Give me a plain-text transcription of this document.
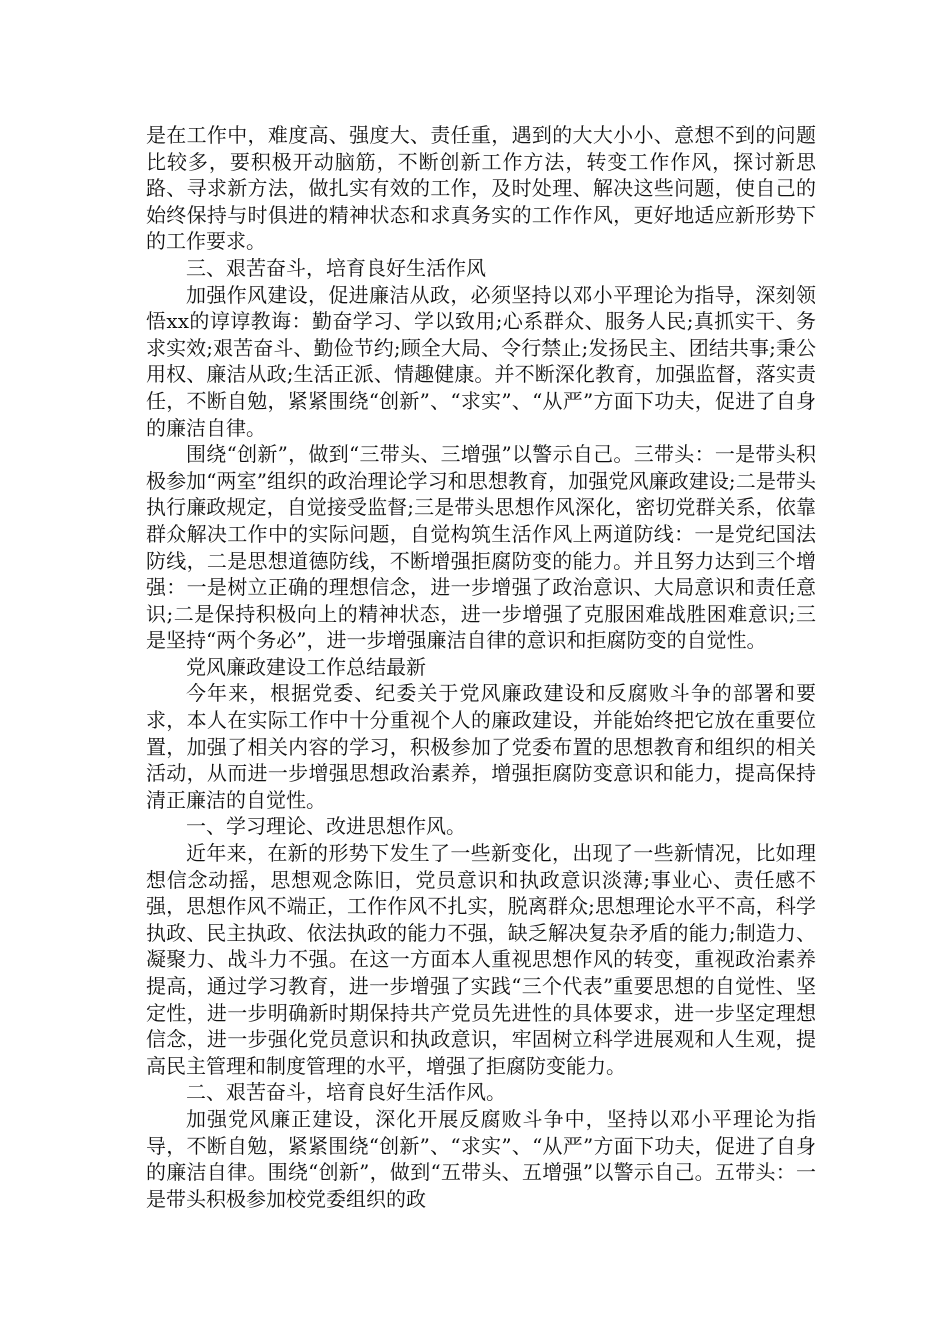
是在工作中，难度高、强度大、责任重，遇到的大大小小、意想不到的问题比较多，要积极开动脑筋，不断创新工作方法，转变工作作风，探讨新思路、寻求新方法，做扎实有效的工作，及时处理、解决这些问题，使自己的始终保持与时俱进的精神状态和求真务实的工作作风，更好地适应新形势下的工作要求。

三、艰苦奋斗，培育良好生活作风

加强作风建设，促进廉洁从政，必须坚持以邓小平理论为指导，深刻领悟xx的谆谆教诲：勤奋学习、学以致用;心系群众、服务人民;真抓实干、务求实效;艰苦奋斗、勤俭节约;顾全大局、令行禁止;发扬民主、团结共事;秉公用权、廉洁从政;生活正派、情趣健康。并不断深化教育，加强监督，落实责任，不断自勉，紧紧围绕“创新”、“求实”、“从严”方面下功夫，促进了自身的廉洁自律。

围绕“创新”，做到“三带头、三增强”以警示自己。三带头：一是带头积极参加“两室”组织的政治理论学习和思想教育，加强党风廉政建设;二是带头执行廉政规定，自觉接受监督;三是带头思想作风深化，密切党群关系，依靠群众解决工作中的实际问题，自觉构筑生活作风上两道防线：一是党纪国法防线，二是思想道德防线，不断增强拒腐防变的能力。并且努力达到三个增强：一是树立正确的理想信念，进一步增强了政治意识、大局意识和责任意识;二是保持积极向上的精神状态，进一步增强了克服困难战胜困难意识;三是坚持“两个务必”，进一步增强廉洁自律的意识和拒腐防变的自觉性。

党风廉政建设工作总结最新

今年来，根据党委、纪委关于党风廉政建设和反腐败斗争的部署和要求，本人在实际工作中十分重视个人的廉政建设，并能始终把它放在重要位置，加强了相关内容的学习，积极参加了党委布置的思想教育和组织的相关活动，从而进一步增强思想政治素养，增强拒腐防变意识和能力，提高保持清正廉洁的自觉性。

一、学习理论、改进思想作风。

近年来，在新的形势下发生了一些新变化，出现了一些新情况，比如理想信念动摇，思想观念陈旧，党员意识和执政意识淡薄;事业心、责任感不强，思想作风不端正，工作作风不扎实，脱离群众;思想理论水平不高，科学执政、民主执政、依法执政的能力不强，缺乏解决复杂矛盾的能力;制造力、凝聚力、战斗力不强。在这一方面本人重视思想作风的转变，重视政治素养提高，通过学习教育，进一步增强了实践“三个代表”重要思想的自觉性、坚定性，进一步明确新时期保持共产党员先进性的具体要求，进一步坚定理想信念，进一步强化党员意识和执政意识，牢固树立科学进展观和人生观，提高民主管理和制度管理的水平，增强了拒腐防变能力。

二、艰苦奋斗，培育良好生活作风。

加强党风廉正建设，深化开展反腐败斗争中，坚持以邓小平理论为指导，不断自勉，紧紧围绕“创新”、“求实”、“从严”方面下功夫，促进了自身的廉洁自律。围绕“创新”，做到“五带头、五增强”以警示自己。五带头：一是带头积极参加校党委组织的政
